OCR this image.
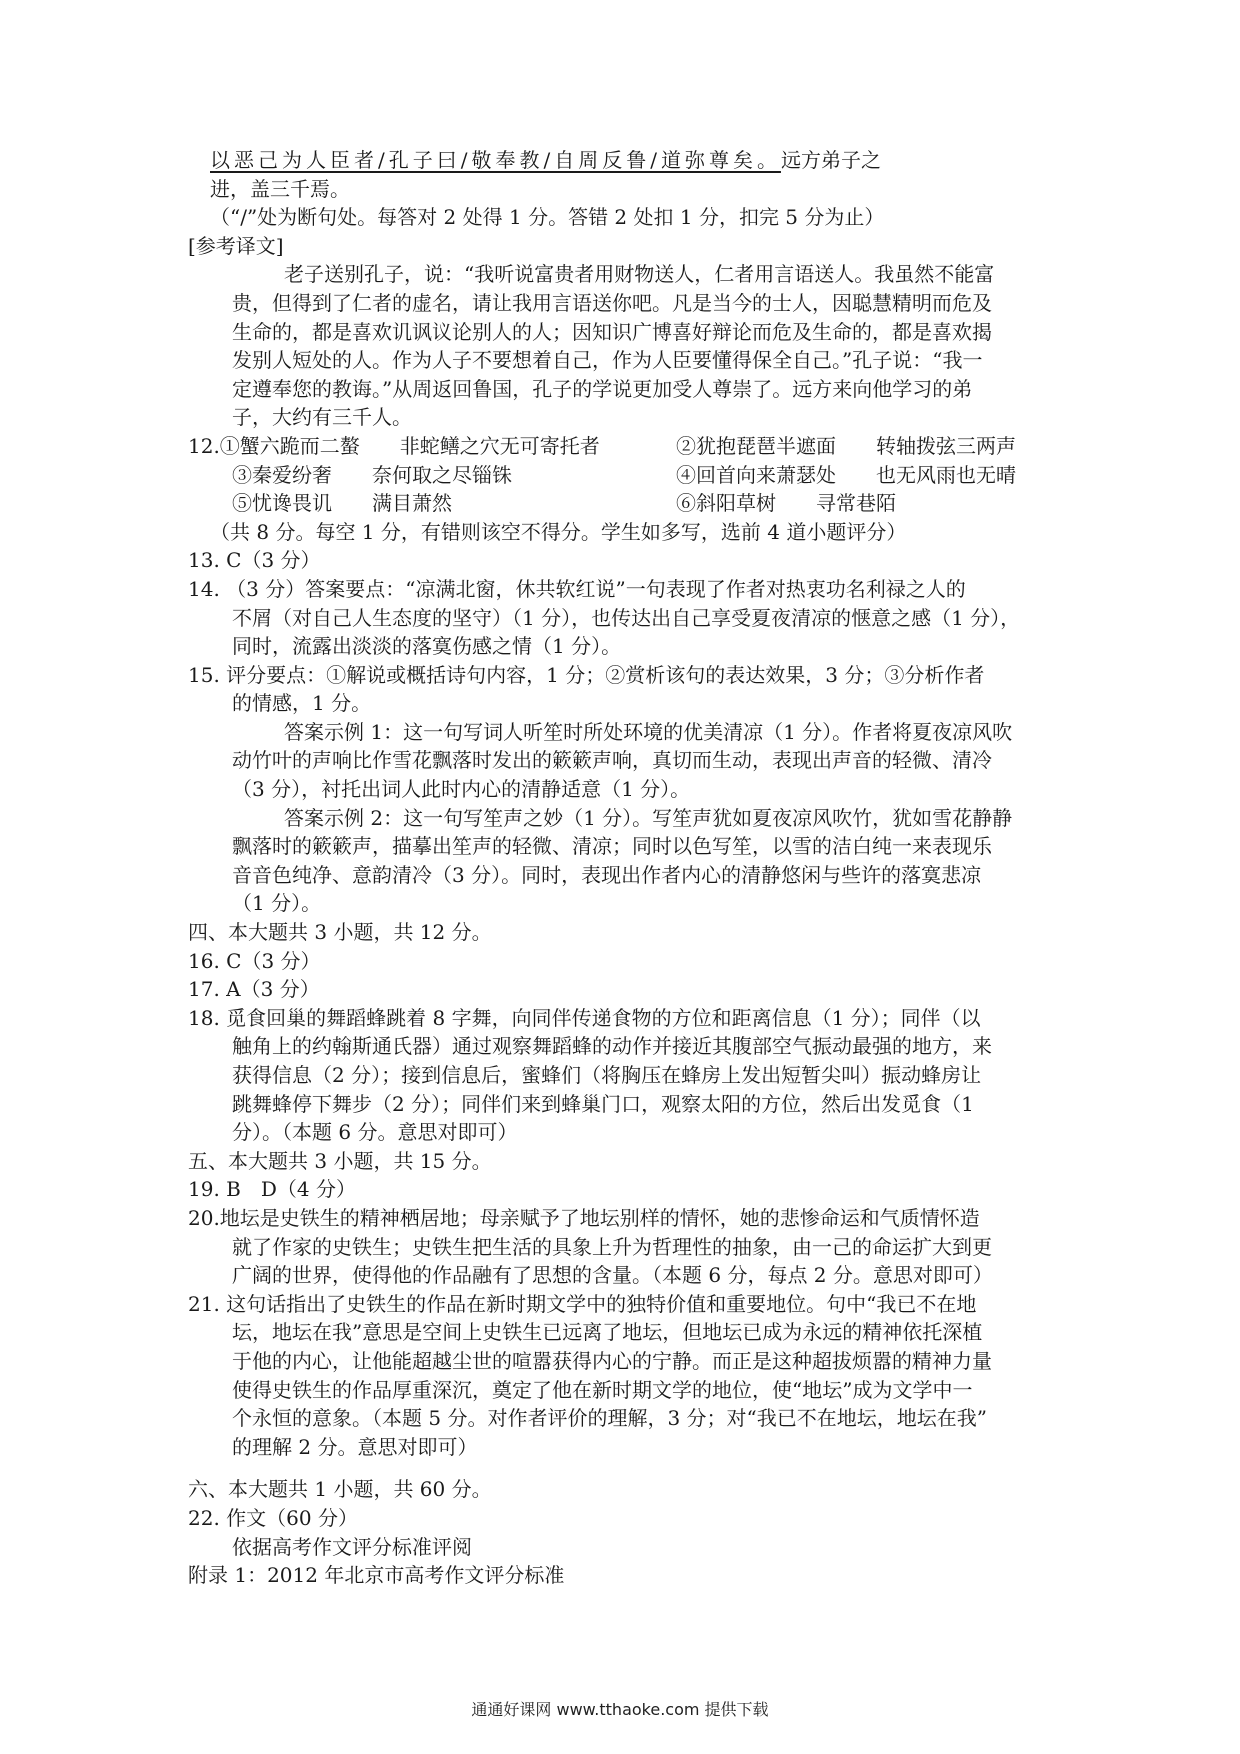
以恶己为人臣者/孔子曰/敬奉教/自周反鲁/道弥尊矣。远方弟子之
进，盖三千焉。
（“/”处为断句处。每答对 2 处得 1 分。答错 2 处扣 1 分，扣完 5 分为止）
[参考译文]
老子送别孔子，说：“我听说富贵者用财物送人，仁者用言语送人。我虽然不能富
贵，但得到了仁者的虚名，请让我用言语送你吧。凡是当今的士人，因聪慧精明而危及
生命的，都是喜欢讥讽议论别人的人；因知识广博喜好辩论而危及生命的，都是喜欢揭
发别人短处的人。作为人子不要想着自己，作为人臣要懂得保全自己。”孔子说：“我一
定遵奉您的教诲。”从周返回鲁国，孔子的学说更加受人尊崇了。远方来向他学习的弟
子，大约有三千人。
12.①蟹六跪而二螯　　非蛇鳝之穴无可寄托者	②犹抱琵琶半遮面　　转轴拨弦三两声
③秦爱纷奢　　奈何取之尽锱铢	④回首向来萧瑟处　　也无风雨也无晴
⑤忧谗畏讥　　满目萧然	⑥斜阳草树　　寻常巷陌
（共 8 分。每空 1 分，有错则该空不得分。学生如多写，选前 4 道小题评分）
13. C（3 分）
14. （3 分）答案要点：“凉满北窗，休共软红说”一句表现了作者对热衷功名利禄之人的
不屑（对自己人生态度的坚守）（1 分），也传达出自己享受夏夜清凉的惬意之感（1 分），
同时，流露出淡淡的落寞伤感之情（1 分）。
15. 评分要点：①解说或概括诗句内容，1 分；②赏析该句的表达效果，3 分；③分析作者
的情感，1 分。
答案示例 1：这一句写词人听笙时所处环境的优美清凉（1 分）。作者将夏夜凉风吹
动竹叶的声响比作雪花飘落时发出的簌簌声响，真切而生动，表现出声音的轻微、清冷
（3 分），衬托出词人此时内心的清静适意（1 分）。
答案示例 2：这一句写笙声之妙（1 分）。写笙声犹如夏夜凉风吹竹，犹如雪花静静
飘落时的簌簌声，描摹出笙声的轻微、清凉；同时以色写笙，以雪的洁白纯一来表现乐
音音色纯净、意韵清冷（3 分）。同时，表现出作者内心的清静悠闲与些许的落寞悲凉
（1 分）。
四、本大题共 3 小题，共 12 分。
16. C（3 分）
17. A（3 分）
18. 觅食回巢的舞蹈蜂跳着 8 字舞，向同伴传递食物的方位和距离信息（1 分）；同伴（以
触角上的约翰斯通氏器）通过观察舞蹈蜂的动作并接近其腹部空气振动最强的地方，来
获得信息（2 分）；接到信息后，蜜蜂们（将胸压在蜂房上发出短暂尖叫）振动蜂房让
跳舞蜂停下舞步（2 分）；同伴们来到蜂巢门口，观察太阳的方位，然后出发觅食（1
分）。（本题 6 分。意思对即可）
五、本大题共 3 小题，共 15 分。
19. B　D（4 分）
20.地坛是史铁生的精神栖居地；母亲赋予了地坛别样的情怀，她的悲惨命运和气质情怀造
就了作家的史铁生；史铁生把生活的具象上升为哲理性的抽象，由一己的命运扩大到更
广阔的世界，使得他的作品融有了思想的含量。（本题 6 分，每点 2 分。意思对即可）
21. 这句话指出了史铁生的作品在新时期文学中的独特价值和重要地位。句中“我已不在地
坛，地坛在我”意思是空间上史铁生已远离了地坛，但地坛已成为永远的精神依托深植
于他的内心，让他能超越尘世的喧嚣获得内心的宁静。而正是这种超拔烦嚣的精神力量
使得史铁生的作品厚重深沉，奠定了他在新时期文学的地位，使“地坛”成为文学中一
个永恒的意象。（本题 5 分。对作者评价的理解，3 分；对“我已不在地坛，地坛在我”
的理解 2 分。意思对即可）
六、本大题共 1 小题，共 60 分。
22. 作文（60 分）
依据高考作文评分标准评阅
附录 1：2012 年北京市高考作文评分标准
通通好课网 www.tthaoke.com 提供下载
